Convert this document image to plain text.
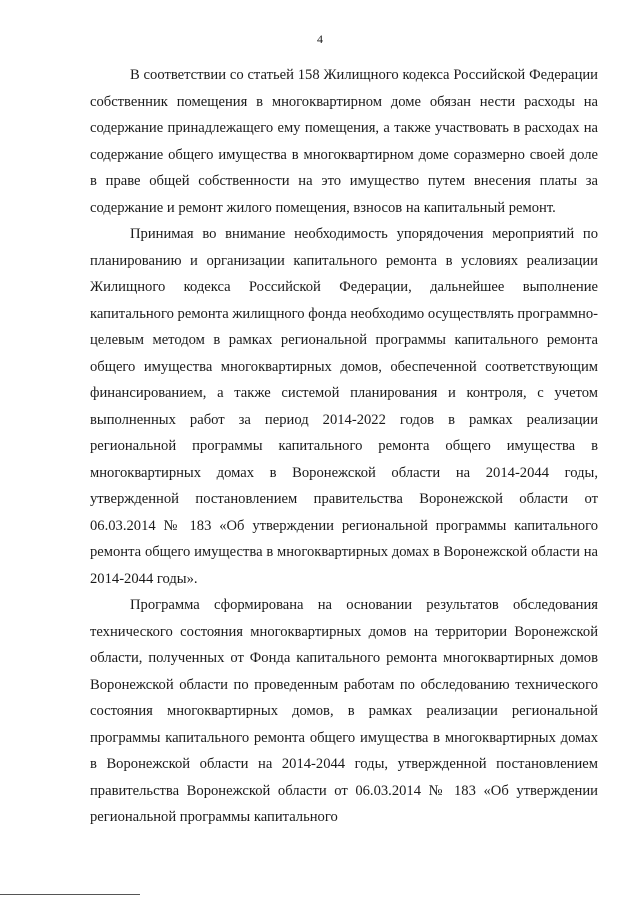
4

В соответствии со статьей 158 Жилищного кодекса Российской Федерации собственник помещения в многоквартирном доме обязан нести расходы на содержание принадлежащего ему помещения, а также участвовать в расходах на содержание общего имущества в многоквартирном доме соразмерно своей доле в праве общей собственности на это имущество путем внесения платы за содержание и ремонт жилого помещения, взносов на капитальный ремонт.

Принимая во внимание необходимость упорядочения мероприятий по планированию и организации капитального ремонта в условиях реализации Жилищного кодекса Российской Федерации, дальнейшее выполнение капитального ремонта жилищного фонда необходимо осуществлять программно-целевым методом в рамках региональной программы капитального ремонта общего имущества многоквартирных домов, обеспеченной соответствующим финансированием, а также системой планирования и контроля, с учетом выполненных работ за период 2014-2022 годов в рамках реализации региональной программы капитального ремонта общего имущества в многоквартирных домах в Воронежской области на 2014-2044 годы, утвержденной постановлением правительства Воронежской области от 06.03.2014 № 183 «Об утверждении региональной программы капитального ремонта общего имущества в многоквартирных домах в Воронежской области на 2014-2044 годы».

Программа сформирована на основании результатов обследования технического состояния многоквартирных домов на территории Воронежской области, полученных от Фонда капитального ремонта многоквартирных домов Воронежской области по проведенным работам по обследованию технического состояния многоквартирных домов, в рамках реализации региональной программы капитального ремонта общего имущества в многоквартирных домах в Воронежской области на 2014-2044 годы, утвержденной постановлением правительства Воронежской области от 06.03.2014 № 183 «Об утверждении региональной программы капитального
